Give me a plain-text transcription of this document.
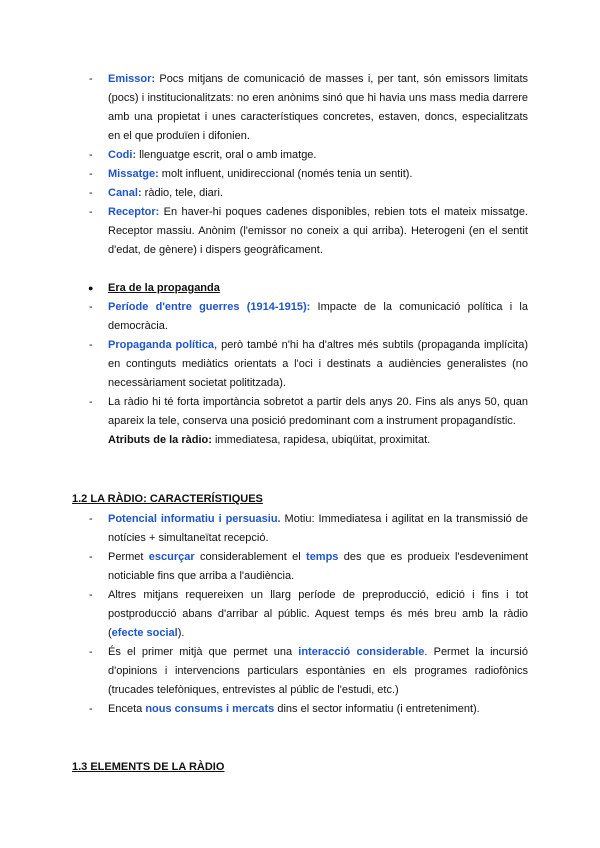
- Emissor: Pocs mitjans de comunicació de masses i, per tant, són emissors limitats (pocs) i institucionalitzats: no eren anònims sinó que hi havia uns mass media darrere amb una propietat i unes característiques concretes, estaven, doncs, especialitzats en el que produïen i difonien.
- Codi: llenguatge escrit, oral o amb imatge.
- Missatge: molt influent, unidireccional (només tenia un sentit).
- Canal: ràdio, tele, diari.
- Receptor: En haver-hi poques cadenes disponibles, rebien tots el mateix missatge. Receptor massiu. Anònim (l'emissor no coneix a qui arriba). Heterogeni (en el sentit d'edat, de gènere) i dispers geogràficament.
● Era de la propaganda
- Període d'entre guerres (1914-1915): Impacte de la comunicació política i la democràcia.
- Propaganda política, però també n'hi ha d'altres més subtils (propaganda implícita) en continguts mediàtics orientats a l'oci i destinats a audiències generalistes (no necessàriament societat polititzada).
- La ràdio hi té forta importància sobretot a partir dels anys 20. Fins als anys 50, quan apareix la tele, conserva una posició predominant com a instrument propagandístic.
Atributs de la ràdio: immediatesa, rapidesa, ubiqüitat, proximitat.
1.2 LA RÀDIO: CARACTERÍSTIQUES
- Potencial informatiu i persuasiu. Motiu: Immediatesa i agilitat en la transmissió de notícies + simultaneïtat recepció.
- Permet escurçar considerablement el temps des que es produeix l'esdeveniment noticiable fins que arriba a l'audiència.
- Altres mitjans requereixen un llarg període de preproducció, edició i fins i tot postproducció abans d'arribar al públic. Aquest temps és més breu amb la ràdio (efecte social).
- És el primer mitjà que permet una interacció considerable. Permet la incursió d'opinions i intervencions particulars espontànies en els programes radiofònics (trucades telefòniques, entrevistes al públic de l'estudi, etc.)
- Enceta nous consums i mercats dins el sector informatiu (i entreteniment).
1.3 ELEMENTS DE LA RÀDIO
